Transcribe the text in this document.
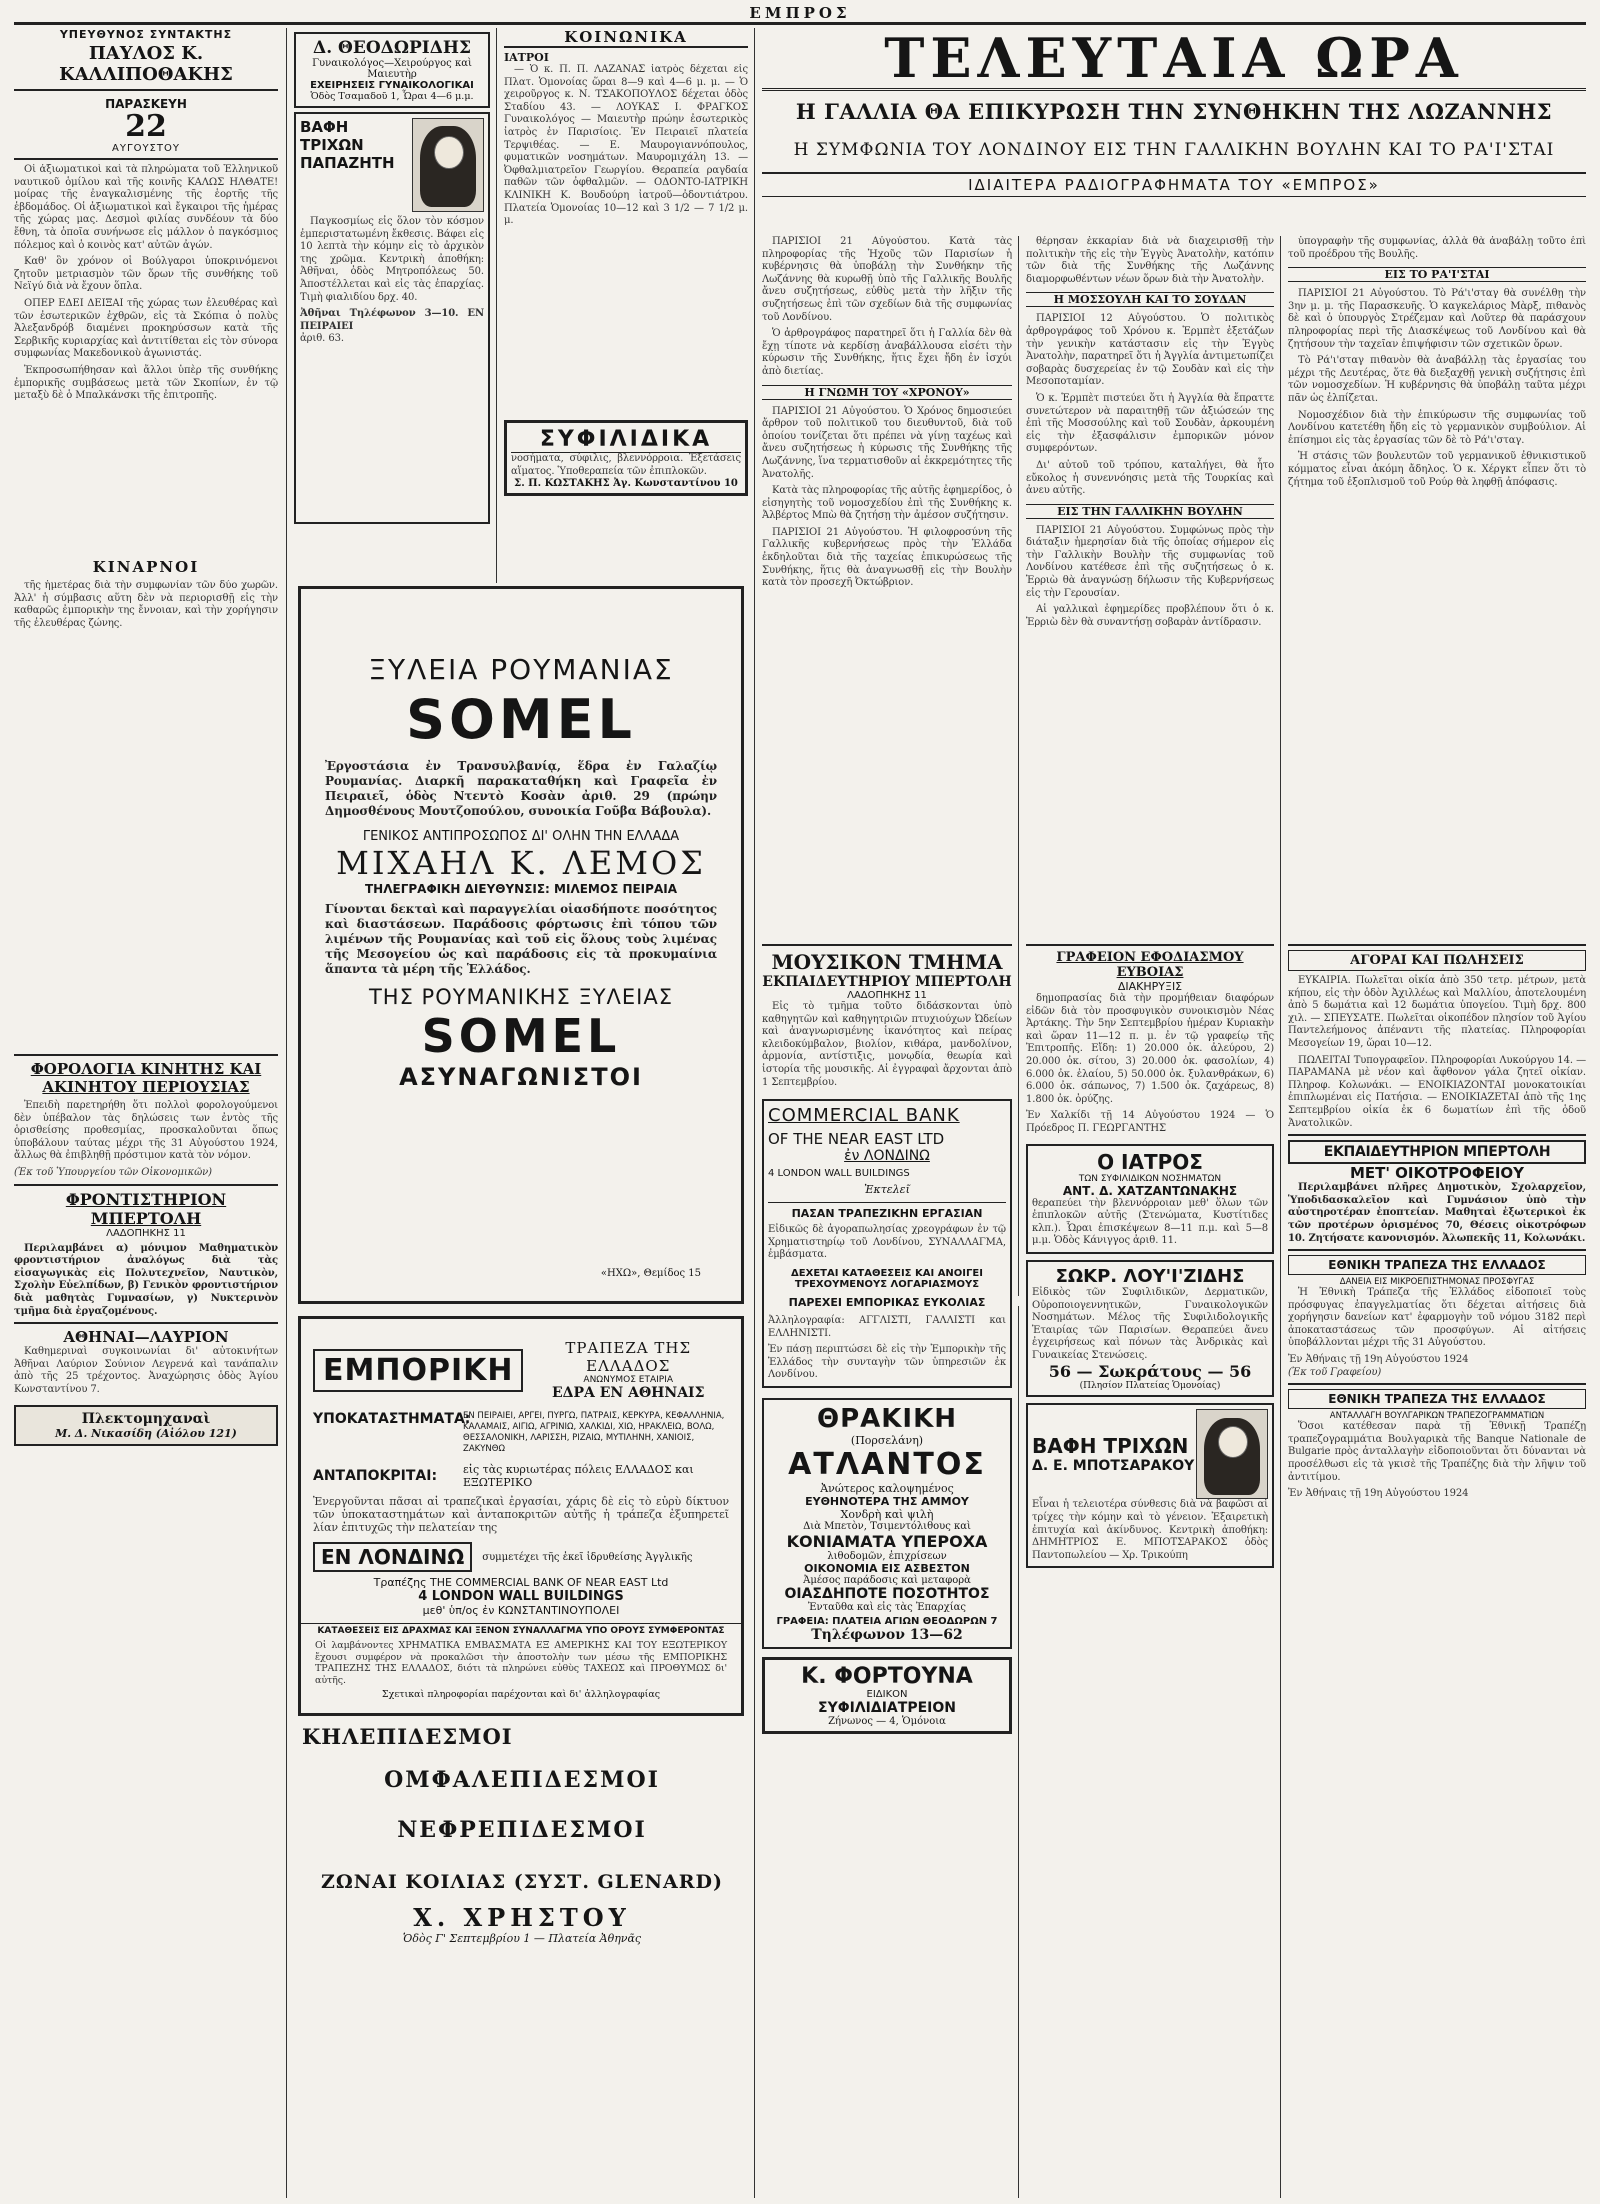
ΕΜΠΡΟΣ
ΥΠΕΥΘΥΝΟΣ ΣΥΝΤΑΚΤΗΣ
ΠΑΥΛΟΣ Κ. ΚΑΛΛΙΠΟΘΑΚΗΣ
ΠΑΡΑΣΚΕΥΗ
22
ΑΥΓΟΥΣΤΟΥ

Οἱ ἀξιωματικοὶ καὶ τὰ πληρώματα τοῦ Ἑλληνικοῦ ναυτικοῦ ὁμίλου καὶ τῆς κοινῆς ΚΑΛΩΣ ΗΛΘΑΤΕ! μοίρας τῆς ἐναγκαλισμένης τῆς ἑορτῆς τῆς ἑβδομάδος. Οἱ ἀξιωματικοὶ καὶ ἔγκαιροι τῆς ἡμέρας τῆς χώρας μας. Δεσμοὶ φιλίας συνδέουν τὰ δύο ἔθνη, τὰ ὁποῖα συνήνωσε εἰς μάλλον ὁ παγκόσμιος πόλεμος καὶ ὁ κοινὸς κατ' αὐτῶν ἀγών.

Καθ' ὃν χρόνον οἱ Βούλγαροι ὑποκρινόμενοι ζητοῦν μετριασμὸν τῶν ὅρων τῆς συνθήκης τοῦ Νεϊγύ διὰ νὰ ἔχουν ὅπλα.

ΟΠΕΡ ΕΔΕΙ ΔΕΙΞΑΙ τῆς χώρας των ἐλευθέρας καὶ τῶν ἐσωτερικῶν ἐχθρῶν, εἰς τὰ Σκόπια ὁ πολὺς Ἀλεξανδρόβ διαμένει προκηρύσσων κατὰ τῆς Σερβικῆς κυριαρχίας καὶ ἀντιτίθεται εἰς τὸν σύνορα συμφωνίας Μακεδονικοὺ ἀγωνιστάς.

Ἐκπροσωπήθησαν καὶ ἄλλοι ὑπὲρ τῆς συνθήκης ἐμπορικῆς συμβάσεως μετὰ τῶν Σκοπίων, ἐν τῷ μεταξὺ δὲ ὁ Μπαλκάνσκι τῆς ἐπιτροπῆς.

ΚΙΝΑΡΝΟΙ

τῆς ἡμετέρας διὰ τὴν συμφωνίαν τῶν δύο χωρῶν. Ἀλλ' ἡ σύμβασις αὕτη δὲν νὰ περιορισθῇ εἰς τὴν καθαρῶς ἐμπορικὴν της ἔννοιαν, καὶ τὴν χορήγησιν τῆς ἐλευθέρας ζώνης.

ΦΟΡΟΛΟΓΙΑ ΚΙΝΗΤΗΣ ΚΑΙ ΑΚΙΝΗΤΟΥ ΠΕΡΙΟΥΣΙΑΣ

Ἐπειδὴ παρετηρήθη ὅτι πολλοὶ φορολογούμενοι δὲν ὑπέβαλον τὰς δηλώσεις των ἐντὸς τῆς ὁρισθείσης προθεσμίας, προσκαλοῦνται ὅπως ὑποβάλουν ταύτας μέχρι τῆς 31 Αὐγούστου 1924, ἄλλως θὰ ἐπιβληθῇ πρόστιμον κατὰ τὸν νόμον.

(Ἐκ τοῦ Ὑπουργείου τῶν Οἰκονομικῶν)
ΦΡΟΝΤΙΣΤΗΡΙΟΝ ΜΠΕΡΤΟΛΗ
ΛΑΔΟΠΗΚΗΣ 11

Περιλαμβάνει α) μόνιμον Μαθηματικὸν φροντιστήριον ἀναλόγως διὰ τὰς εἰσαγωγικὰς εἰς Πολυτεχνεῖον, Ναυτικὸν, Σχολὴν Εὐελπίδων, β) Γενικὸν φροντιστήριον διὰ μαθητὰς Γυμνασίων, γ) Νυκτερινὸν τμῆμα διὰ ἐργαζομένους.

ΑΘΗΝΑΙ—ΛΑΥΡΙΟΝ

Καθημεριναὶ συγκοινωνίαι δι' αὐτοκινήτων Ἀθῆναι Λαύριον Σούνιον Λεγρενά καὶ τανάπαλιν ἀπὸ τῆς 25 τρέχοντος. Ἀναχώρησις ὁδὸς Ἁγίου Κωνσταντίνου 7.

Πλεκτομηχαναὶ
Μ. Δ. Νικασίδη (Αἰόλου 121)
Δ. ΘΕΟΔΩΡΙΔΗΣ
Γυναικολόγος—Χειρούργος καὶ Μαιευτὴρ
ΕΧΕΙΡΗΣΕΙΣ ΓΥΝΑΙΚΟΛΟΓΙΚΑΙ
Ὁδὸς Τσαμαδοῦ 1, Ὧραι 4—6 μ.μ.
ΒΑΦΗ ΤΡΙΧΩΝ
ΠΑΠΑΖΗΤΗ

Παγκοσμίως εἰς ὅλον τὸν κόσμον ἐμπεριστατωμένη ἔκθεσις. Βάφει εἰς 10 λεπτὰ τὴν κόμην εἰς τὸ ἀρχικὸν της χρῶμα. Κεντρικὴ ἀποθήκη: Ἀθῆναι, ὁδὸς Μητροπόλεως 50. Ἀποστέλλεται καὶ εἰς τὰς ἐπαρχίας. Τιμὴ φιαλιδίου δρχ. 40.

Ἀθῆναι Τηλέφωνον 3—10. ΕΝ ΠΕΙΡΑΙΕΙ
ἀριθ. 63.
ΚΟΙΝΩΝΙΚΑ
ΙΑΤΡΟΙ

— Ὁ κ. Π. Π. ΛΑΖΑΝΑΣ ἰατρὸς δέχεται εἰς Πλατ. Ὁμονοίας ὥραι 8—9 καὶ 4—6 μ. μ. — Ὁ χειροῦργος κ. Ν. ΤΣΑΚΟΠΟΥΛΟΣ δέχεται ὁδὸς Σταδίου 43. — ΛΟΥΚΑΣ Ι. ΦΡΑΓΚΟΣ Γυναικολόγος — Μαιευτὴρ πρώην ἐσωτερικὸς ἰατρὸς ἐν Παρισίοις. Ἐν Πειραιεῖ πλατεία Τερψιθέας. — Ε. Μαυρογιαννόπουλος, φυματικῶν νοσημάτων. Μαυρομιχάλη 13. — Ὀφθαλμιατρεῖον Γεωργίου. Θεραπεία ραγδαία παθῶν τῶν ὀφθαλμῶν. — ΟΔΟΝΤΟ-ΙΑΤΡΙΚΗ ΚΛΙΝΙΚΗ Κ. Βουδούρη ἰατροῦ—ὀδοντιάτρου. Πλατεία Ὁμονοίας 10—12 καὶ 3 1/2 — 7 1/2 μ. μ.

ΣΥΦΙΛΙΔΙΚΑ
νοσήματα, σύφιλις, βλεννόρροια. Ἐξετάσεις αἵματος. Ὑποθεραπεία τῶν ἐπιπλοκῶν.
Σ. Π. ΚΩΣΤΑΚΗΣ Ἀγ. Κωνσταντίνου 10
ΞΥΛΕΙΑ ΡΟΥΜΑΝΙΑΣ
SOMEL
Ἐργοστάσια ἐν Τρανσυλβανίᾳ, ἕδρα ἐν Γαλαζίῳ Ρουμανίας. Διαρκῆ παρακαταθήκη καὶ Γραφεῖα ἐν Πειραιεῖ, ὁδὸς Ντεντὸ Κοσὰν ἀριθ. 29 (πρώην Δημοσθένους Μουτζοπούλου, συνοικία Γοῦβα Βάβουλα).
ΓΕΝΙΚΟΣ ΑΝΤΙΠΡΟΣΩΠΟΣ ΔΙ' ΟΛΗΝ ΤΗΝ ΕΛΛΑΔΑ
ΜΙΧΑΗΛ Κ. ΛΕΜΟΣ
ΤΗΛΕΓΡΑΦΙΚΗ ΔΙΕΥΘΥΝΣΙΣ: ΜΙΛΕΜΟΣ ΠΕΙΡΑΙΑ
Γίνονται δεκταὶ καὶ παραγγελίαι οἱασδήποτε ποσότητος καὶ διαστάσεων. Παράδοσις φόρτωσις ἐπὶ τόπου τῶν λιμένων τῆς Ρουμανίας καὶ τοῦ εἰς ὅλους τοὺς λιμένας τῆς Μεσογείου ὡς καὶ παράδοσις εἰς τὰ προκυμαίνια ἅπαντα τὰ μέρη τῆς Ἑλλάδος.
ΤΗΣ ΡΟΥΜΑΝΙΚΗΣ ΞΥΛΕΙΑΣ
SOMEL
ΑΣΥΝΑΓΩΝΙΣΤΟΙ
«ΗΧΩ», Θεμίδος 15
ΕΜΠΟΡΙΚΗ
ΤΡΑΠΕΖΑ ΤΗΣ ΕΛΛΑΔΟΣ
ΑΝΩΝΥΜΟΣ ΕΤΑΙΡΙΑ
ΕΔΡΑ ΕΝ ΑΘΗΝΑΙΣ
ΥΠΟΚΑΤΑΣΤΗΜΑΤΑ:
ΕΝ ΠΕΙΡΑΙΕΙ, ΑΡΓΕΙ, ΠΥΡΓΩ, ΠΑΤΡΑΙΣ, ΚΕΡΚΥΡΑ, ΚΕΦΑΛΛΗΝΙΑ, ΚΑΛΑΜΑΙΣ, ΑΙΓΙΩ, ΑΓΡΙΝΙΩ, ΧΑΛΚΙΔΙ, ΧΙΩ, ΗΡΑΚΛΕΙΩ, ΒΟΛΩ, ΘΕΣΣΑΛΟΝΙΚΗ, ΛΑΡΙΣΣΗ, ΡΙΖΑΙΩ, ΜΥΤΙΛΗΝΗ, ΧΑΝΙΟΙΣ, ΖΑΚΥΝΘΩ
ΑΝΤΑΠΟΚΡΙΤΑΙ:	εἰς τὰς κυριωτέρας πόλεις ΕΛΛΑΔΟΣ και ΕΞΩΤΕΡΙΚΟ
Ἐνεργοῦνται πᾶσαι αἱ τραπεζικαὶ ἐργασίαι, χάρις δὲ εἰς τὸ εὐρὺ δίκτυον τῶν ὑποκαταστημάτων καὶ ἀνταποκριτῶν αὐτῆς ἡ τράπεζα ἐξυπηρετεῖ λίαν ἐπιτυχῶς τὴν πελατείαν της
ΕΝ ΛΟΝΔΙΝΩ	συμμετέχει τῆς ἐκεῖ ἱδρυθείσης Ἀγγλικῆς
Τραπέζης THE COMMERCIAL BANK OF NEAR EAST Ltd
4 LONDON WALL BUILDINGS
μεθ' ὑπ/ος ἐν ΚΩΝΣΤΑΝΤΙΝΟΥΠΟΛΕΙ
ΚΑΤΑΘΕΣΕΙΣ ΕΙΣ ΔΡΑΧΜΑΣ ΚΑΙ ΞΕΝΟΝ ΣΥΝΑΛΛΑΓΜΑ ΥΠΟ ΟΡΟΥΣ ΣΥΜΦΕΡΟΝΤΑΣ
Οἱ λαμβάνοντες ΧΡΗΜΑΤΙΚΑ ΕΜΒΑΣΜΑΤΑ ΕΞ ΑΜΕΡΙΚΗΣ ΚΑΙ ΤΟΥ ΕΞΩΤΕΡΙΚΟΥ ἔχουσι συμφέρον νὰ προκαλῶσι τὴν ἀποστολὴν των μέσω τῆς ΕΜΠΟΡΙΚΗΣ ΤΡΑΠΕΖΗΣ ΤΗΣ ΕΛΛΑΔΟΣ, διότι τὰ πληρώνει εὐθὺς ΤΑΧΕΩΣ καὶ ΠΡΟΘΥΜΩΣ δι' αὐτῆς.
Σχετικαὶ πληροφορίαι παρέχονται καὶ δι' ἀλληλογραφίας
ΚΗΛΕΠΙΔΕΣΜΟΙ
ΟΜΦΑΛΕΠΙΔΕΣΜΟΙ
ΝΕΦΡΕΠΙΔΕΣΜΟΙ
ΖΩΝΑΙ ΚΟΙΛΙΑΣ (ΣΥΣΤ. GLENARD)
Χ. ΧΡΗΣΤΟΥ
Ὁδὸς Γ' Σεπτεμβρίου 1 — Πλατεία Ἀθηνᾶς
ΤΕΛΕΥΤΑΙΑ ΩΡΑ
Η ΓΑΛΛΙΑ ΘΑ ΕΠΙΚΥΡΩΣΗ ΤΗΝ ΣΥΝΘΗΚΗΝ ΤΗΣ ΛΩΖΑΝΝΗΣ
Η ΣΥΜΦΩΝΙΑ ΤΟΥ ΛΟΝΔΙΝΟΥ ΕΙΣ ΤΗΝ ΓΑΛΛΙΚΗΝ ΒΟΥΛΗΝ ΚΑΙ ΤΟ ΡΑ'Ι'ΣΤΑΙ
ΙΔΙΑΙΤΕΡΑ ΡΑΔΙΟΓΡΑΦΗΜΑΤΑ ΤΟΥ «ΕΜΠΡΟΣ»

ΠΑΡΙΣΙΟΙ 21 Αὐγούστου. Κατὰ τὰς πληροφορίας τῆς Ἠχοῦς τῶν Παρισίων ἡ κυβέρνησις θὰ ὑποβάλῃ τὴν Συνθήκην τῆς Λωζάννης θὰ κυρωθῇ ὑπὸ τῆς Γαλλικῆς Βουλῆς ἄνευ συζητήσεως, εὐθὺς μετὰ τὴν λῆξιν τῆς συζητήσεως ἐπὶ τῶν σχεδίων διὰ τῆς συμφωνίας τοῦ Λονδίνου.

Ὁ ἀρθρογράφος παρατηρεῖ ὅτι ἡ Γαλλία δὲν θὰ ἔχῃ τίποτε νὰ κερδίσῃ ἀναβάλλουσα εἰσέτι τὴν κύρωσιν τῆς Συνθήκης, ἥτις ἔχει ἤδη ἐν ἰσχύι ἀπὸ διετίας.

Η ΓΝΩΜΗ ΤΟΥ «ΧΡΟΝΟΥ»

ΠΑΡΙΣΙΟΙ 21 Αὐγούστου. Ὁ Χρόνος δημοσιεύει ἄρθρον τοῦ πολιτικοῦ του διευθυντοῦ, διὰ τοῦ ὁποίου τονίζεται ὅτι πρέπει νὰ γίνῃ ταχέως καὶ ἄνευ συζητήσεως ἡ κύρωσις τῆς Συνθήκης τῆς Λωζάννης, ἵνα τερματισθοῦν αἱ ἐκκρεμότητες τῆς Ἀνατολῆς.

Κατὰ τὰς πληροφορίας τῆς αὐτῆς ἐφημερίδος, ὁ εἰσηγητὴς τοῦ νομοσχεδίου ἐπὶ τῆς Συνθήκης κ. Ἀλβέρτος Μπὼ θὰ ζητήσῃ τὴν ἀμέσον συζήτησιν.

ΠΑΡΙΣΙΟΙ 21 Αὐγούστου. Ἡ φιλοφροσύνη τῆς Γαλλικῆς κυβερνήσεως πρὸς τὴν Ἑλλάδα ἐκδηλοῦται διὰ τῆς ταχείας ἐπικυρώσεως τῆς Συνθήκης, ἥτις θὰ ἀναγνωσθῇ εἰς τὴν Βουλὴν κατὰ τὸν προσεχῆ Ὀκτώβριον.

θέρησαν ἐκκαρίαν διὰ νὰ διαχειρισθῇ τὴν πολιτικὴν τῆς εἰς τὴν Ἐγγὺς Ἀνατολὴν, κατόπιν τῶν διὰ τῆς Συνθήκης τῆς Λωζάννης διαμορφωθέντων νέων ὅρων διὰ τὴν Ἀνατολὴν.

Η ΜΟΣΣΟΥΛΗ ΚΑΙ ΤΟ ΣΟΥΔΑΝ

ΠΑΡΙΣΙΟΙ 12 Αὐγούστου. Ὁ πολιτικὸς ἀρθρογράφος τοῦ Χρόνου κ. Ἑρμπὲτ ἐξετάζων τὴν γενικὴν κατάστασιν εἰς τὴν Ἐγγὺς Ἀνατολὴν, παρατηρεῖ ὅτι ἡ Ἀγγλία ἀντιμετωπίζει σοβαρὰς δυσχερείας ἐν τῷ Σουδὰν καὶ εἰς τὴν Μεσοποταμίαν.

Ὁ κ. Ἑρμπὲτ πιστεύει ὅτι ἡ Ἀγγλία θὰ ἔπραττε συνετώτερον νὰ παραιτηθῇ τῶν ἀξιώσεών της ἐπὶ τῆς Μοσσούλης καὶ τοῦ Σουδὰν, ἀρκουμένη εἰς τὴν ἐξασφάλισιν ἐμπορικῶν μόνον συμφερόντων.

Δι' αὐτοῦ τοῦ τρόπου, καταλήγει, θὰ ἦτο εὔκολος ἡ συνεννόησις μετὰ τῆς Τουρκίας καὶ ἀνευ αὐτῆς.

ΕΙΣ ΤΗΝ ΓΑΛΛΙΚΗΝ ΒΟΥΛΗΝ

ΠΑΡΙΣΙΟΙ 21 Αὐγούστου. Συμφώνως πρὸς τὴν διάταξιν ἡμερησίαν διὰ τῆς ὁποίας σήμερον εἰς τὴν Γαλλικὴν Βουλὴν τῆς συμφωνίας τοῦ Λονδίνου κατέθεσε ἐπὶ τῆς συζητήσεως ὁ κ. Ἑρριὼ θὰ ἀναγνώσῃ δήλωσιν τῆς Κυβερνήσεως εἰς τὴν Γερουσίαν.

Αἱ γαλλικαὶ ἐφημερίδες προβλέπουν ὅτι ὁ κ. Ἑρριὼ δὲν θὰ συναντήσῃ σοβαρὰν ἀντίδρασιν.

ὑπογραφὴν τῆς συμφωνίας, ἀλλὰ θὰ ἀναβάλῃ τοῦτο ἐπὶ τοῦ προέδρου τῆς Βουλῆς.

ΕΙΣ ΤΟ ΡΑ'Ι'ΣΤΑΙ

ΠΑΡΙΣΙΟΙ 21 Αὐγούστου. Τὸ Ρά'ι'σταγ θὰ συνέλθῃ τὴν 3ην μ. μ. τῆς Παρασκευῆς. Ὁ καγκελάριος Μὰρξ, πιθανὸς δὲ καὶ ὁ ὑπουργὸς Στρέζεμαν καὶ Λοῦτερ θὰ παράσχουν πληροφορίας περὶ τῆς Διασκέψεως τοῦ Λονδίνου καὶ θὰ ζητήσουν τὴν ταχεῖαν ἐπιψήφισιν τῶν σχετικῶν ὅρων.

Τὸ Ρά'ι'σταγ πιθανὸν θὰ ἀναβάλλῃ τὰς ἐργασίας του μέχρι τῆς Δευτέρας, ὅτε θὰ διεξαχθῇ γενικὴ συζήτησις ἐπὶ τῶν νομοσχεδίων. Ἡ κυβέρνησις θὰ ὑποβάλῃ ταῦτα μέχρι πᾶν ὡς ἐλπίζεται.

Νομοσχέδιον διὰ τὴν ἐπικύρωσιν τῆς συμφωνίας τοῦ Λονδίνου κατετέθη ἤδη εἰς τὸ γερμανικὸν συμβούλιον. Αἱ ἐπίσημοι εἰς τὰς ἐργασίας τῶν δὲ τὸ Ρά'ι'σταγ.

Ἡ στάσις τῶν βουλευτῶν τοῦ γερμανικοῦ ἐθνικιστικοῦ κόμματος εἶναι ἀκόμη ἄδηλος. Ὁ κ. Χέργκτ εἶπεν ὅτι τὸ ζήτημα τοῦ ἐξοπλισμοῦ τοῦ Ρούρ θὰ ληφθῇ ἀπόφασις.

ΜΟΥΣΙΚΟΝ ΤΜΗΜΑ
ΕΚΠΑΙΔΕΥΤΗΡΙΟΥ ΜΠΕΡΤΟΛΗ
ΛΑΔΟΠΗΚΗΣ 11

Εἰς τὸ τμῆμα τοῦτο διδάσκονται ὑπὸ καθηγητῶν καὶ καθηγητριῶν πτυχιούχων Ὠδείων καὶ ἀναγνωρισμένης ἱκανότητος καὶ πείρας κλειδοκύμβαλον, βιολίον, κιθάρα, μανδολίνον, ἁρμονία, αντίστιξις, μονῳδία, θεωρία καὶ ἱστορία τῆς μουσικῆς. Αἱ ἐγγραφαὶ ἄρχονται ἀπὸ 1 Σεπτεμβρίου.

COMMERCIAL BANK
OF THE NEAR EAST LTD
ἐν ΛΟΝΔΙΝΩ
4 LONDON WALL BUILDINGS
Ἐκτελεῖ
ΠΑΣΑΝ ΤΡΑΠΕΖΙΚΗΝ ΕΡΓΑΣΙΑΝ
Εἰδικῶς δὲ ἀγοραπωλησίας χρεογράφων ἐν τῷ Χρηματιστηρίῳ τοῦ Λονδίνου, ΣΥΝΑΛΛΑΓΜΑ, ἐμβάσματα.
ΔΕΧΕΤΑΙ ΚΑΤΑΘΕΣΕΙΣ ΚΑΙ ΑΝΟΙΓΕΙ ΤΡΕΧΟΥΜΕΝΟΥΣ ΛΟΓΑΡΙΑΣΜΟΥΣ
ΠΑΡΕΧΕΙ ΕΜΠΟΡΙΚΑΣ ΕΥΚΟΛΙΑΣ
Ἀλληλογραφία: ΑΓΓΛΙΣΤΙ, ΓΑΛΛΙΣΤΙ και ΕΛΛΗΝΙΣΤΙ.
Ἐν πάσῃ περιπτώσει δὲ εἰς τὴν Ἐμπορικὴν τῆς Ἑλλάδος τὴν συνταγὴν τῶν ὑπηρεσιῶν ἐκ Λονδίνου.
ΘΡΑΚΙΚΗ
(Πορσελάνη)
ΑΤΛΑΝΤΟΣ
Ἀνώτερος καλοψημένος
ΕΥΘΗΝΟΤΕΡΑ ΤΗΣ ΑΜΜΟΥ
Χονδρὴ καὶ ψιλὴ
Διὰ Μπετὸν, Τσιμεντόλιθους καὶ
ΚΟΝΙΑΜΑΤΑ ΥΠΕΡΟΧΑ
λιθοδομῶν, ἐπιχρίσεων
ΟΙΚΟΝΟΜΙΑ ΕΙΣ ΑΣΒΕΣΤΟΝ
Ἀμέσος παράδοσις καὶ μεταφορὰ
ΟΙΑΣΔΗΠΟΤΕ ΠΟΣΟΤΗΤΟΣ
Ἐνταῦθα καὶ εἰς τὰς Ἐπαρχίας
ΓΡΑΦΕΙΑ: ΠΛΑΤΕΙΑ ΑΓΙΩΝ ΘΕΟΔΩΡΩΝ 7
Τηλέφωνον 13—62
Κ. ΦΟΡΤΟΥΝΑ
ΕΙΔΙΚΟΝ
ΣΥΦΙΛΙΔΙΑΤΡΕΙΟΝ
Ζήνωνος — 4, Ὁμόνοια
ΓΡΑΦΕΙΟΝ ΕΦΟΔΙΑΣΜΟΥ ΕΥΒΟΙΑΣ
ΔΙΑΚΗΡΥΞΙΣ

δημοπρασίας διὰ τὴν προμήθειαν διαφόρων εἰδῶν διὰ τὸν προσφυγικὸν συνοικισμὸν Νέας Ἀρτάκης. Τὴν 5ην Σεπτεμβρίου ἡμέραν Κυριακὴν καὶ ὥραν 11—12 π. μ. ἐν τῷ γραφείῳ τῆς Ἐπιτροπῆς. Εἴδη: 1) 20.000 ὀκ. ἀλεύρου, 2) 20.000 ὀκ. σίτου, 3) 20.000 ὀκ. φασολίων, 4) 6.000 ὀκ. ἐλαίου, 5) 50.000 ὀκ. ξυλανθράκων, 6) 6.000 ὀκ. σάπωνος, 7) 1.500 ὀκ. ζαχάρεως, 8) 1.800 ὀκ. ὀρύζης.

Ἐν Χαλκίδι τῇ 14 Αὐγούστου 1924 — Ὁ Πρόεδρος Π. ΓΕΩΡΓΑΝΤΗΣ
Ο ΙΑΤΡΟΣ
ΤΩΝ ΣΥΦΙΛΙΔΙΚΩΝ ΝΟΣΗΜΑΤΩΝ
ΑΝΤ. Δ. ΧΑΤΖΑΝΤΩΝΑΚΗΣ
θεραπεύει τὴν βλεννόρροιαν μεθ' ὅλων τῶν ἐπιπλοκῶν αὐτῆς (Στενώματα, Κυστίτιδες κλπ.). Ὧραι ἐπισκέψεων 8—11 π.μ. καὶ 5—8 μ.μ. Ὁδὸς Κάνιγγος ἀριθ. 11.
ΣΩΚΡ. ΛΟΥ'Ι'ΖΙΔΗΣ
Εἰδικὸς τῶν Συφιλιδικῶν, Δερματικῶν, Οὐροποιογεννητικῶν, Γυναικολογικῶν Νοσημάτων. Μέλος τῆς Συφιλιδολογικῆς Ἑταιρίας τῶν Παρισίων. Θεραπεύει ἄνευ ἐγχειρήσεως καὶ πόνων τὰς Ἀνδρικὰς καὶ Γυναικείας Στενώσεις.
56 — Σωκράτους — 56
(Πλησίον Πλατείας Ὁμονοίας)
ΒΑΦΗ ΤΡΙΧΩΝ
Δ. Ε. ΜΠΟΤΣΑΡΑΚΟΥ
Εἶναι ἡ τελειοτέρα σύνθεσις διὰ νὰ βαφῶσι αἱ τρίχες τὴν κόμην καὶ τὸ γένειον. Ἐξαιρετικὴ ἐπιτυχία καὶ ἀκίνδυνος. Κεντρικὴ ἀποθήκη: ΔΗΜΗΤΡΙΟΣ Ε. ΜΠΟΤΣΑΡΑΚΟΣ ὁδὸς Παντοπωλείου — Χρ. Τρικούπη
ΑΓΟΡΑΙ ΚΑΙ ΠΩΛΗΣΕΙΣ

ΕΥΚΑΙΡΙΑ. Πωλεῖται οἰκία ἀπὸ 350 τετρ. μέτρων, μετὰ κήπου, εἰς τὴν ὁδὸν Ἀχιλλέως καὶ Μαλλίου, ἀποτελουμένη ἀπὸ 5 δωμάτια καὶ 12 δωμάτια ὑπογείου. Τιμὴ δρχ. 800 χιλ. — ΣΠΕΥΣΑΤΕ. Πωλεῖται οἰκοπέδον πλησίον τοῦ Ἀγίου Παντελεήμονος ἀπέναντι τῆς πλατείας. Πληροφορίαι Μεσογείων 19, ὥραι 10—12.

ΠΩΛΕΙΤΑΙ Τυπογραφεῖον. Πληροφορίαι Λυκούργου 14. — ΠΑΡΑΜΑΝΑ μὲ νέον καὶ ἄφθονον γάλα ζητεῖ οἰκίαν. Πληροφ. Κολωνάκι. — ΕΝΟΙΚΙΑΖΟΝΤΑΙ μονοκατοικίαι ἐπιπλωμέναι εἰς Πατήσια. — ΕΝΟΙΚΙΑΖΕΤΑΙ ἀπὸ τῆς 1ης Σεπτεμβρίου οἰκία ἐκ 6 δωματίων ἐπὶ τῆς ὁδοῦ Ἀνατολικῶν.

ΕΚΠΑΙΔΕΥΤΗΡΙΟΝ ΜΠΕΡΤΟΛΗ
ΜΕΤ' ΟΙΚΟΤΡΟΦΕΙΟΥ

Περιλαμβάνει πλῆρες Δημοτικὸν, Σχολαρχεῖον, Ὑποδιδασκαλεῖον καὶ Γυμνάσιον ὑπὸ τὴν αὐστηροτέραν ἐποπτείαν. Μαθηταὶ ἐξωτερικοὶ ἐκ τῶν προτέρων ὁρισμένος 70, Θέσεις οἰκοτρόφων 10. Ζητήσατε κανονισμόν. Ἀλωπεκῆς 11, Κολωνάκι.

ΕΘΝΙΚΗ ΤΡΑΠΕΖΑ ΤΗΣ ΕΛΛΑΔΟΣ
ΔΑΝΕΙΑ ΕΙΣ ΜΙΚΡΟΕΠΙΣΤΗΜΟΝΑΣ ΠΡΟΣΦΥΓΑΣ

Ἡ Ἐθνικὴ Τράπεζα τῆς Ἑλλάδος εἰδοποιεῖ τοὺς πρόσφυγας ἐπαγγελματίας ὅτι δέχεται αἰτήσεις διὰ χορήγησιν δανείων κατ' ἐφαρμογὴν τοῦ νόμου 3182 περὶ ἀποκαταστάσεως τῶν προσφύγων. Αἱ αἰτήσεις ὑποβάλλονται μέχρι τῆς 31 Αὐγούστου.

Ἐν Ἀθήναις τῇ 19η Αὐγούστου 1924
(Ἐκ τοῦ Γραφείου)
ΕΘΝΙΚΗ ΤΡΑΠΕΖΑ ΤΗΣ ΕΛΛΑΔΟΣ
ΑΝΤΑΛΛΑΓΗ ΒΟΥΛΓΑΡΙΚΩΝ ΤΡΑΠΕΖΟΓΡΑΜΜΑΤΙΩΝ

Ὅσοι κατέθεσαν παρὰ τῇ Ἐθνικῇ Τραπέζῃ τραπεζογραμμάτια Βουλγαρικὰ τῆς Banque Nationale de Bulgarie πρὸς ἀνταλλαγὴν εἰδοποιοῦνται ὅτι δύνανται νὰ προσέλθωσι εἰς τὰ γκισὲ τῆς Τραπέζης διὰ τὴν λῆψιν τοῦ ἀντιτίμου.

Ἐν Ἀθήναις τῇ 19η Αὐγούστου 1924
